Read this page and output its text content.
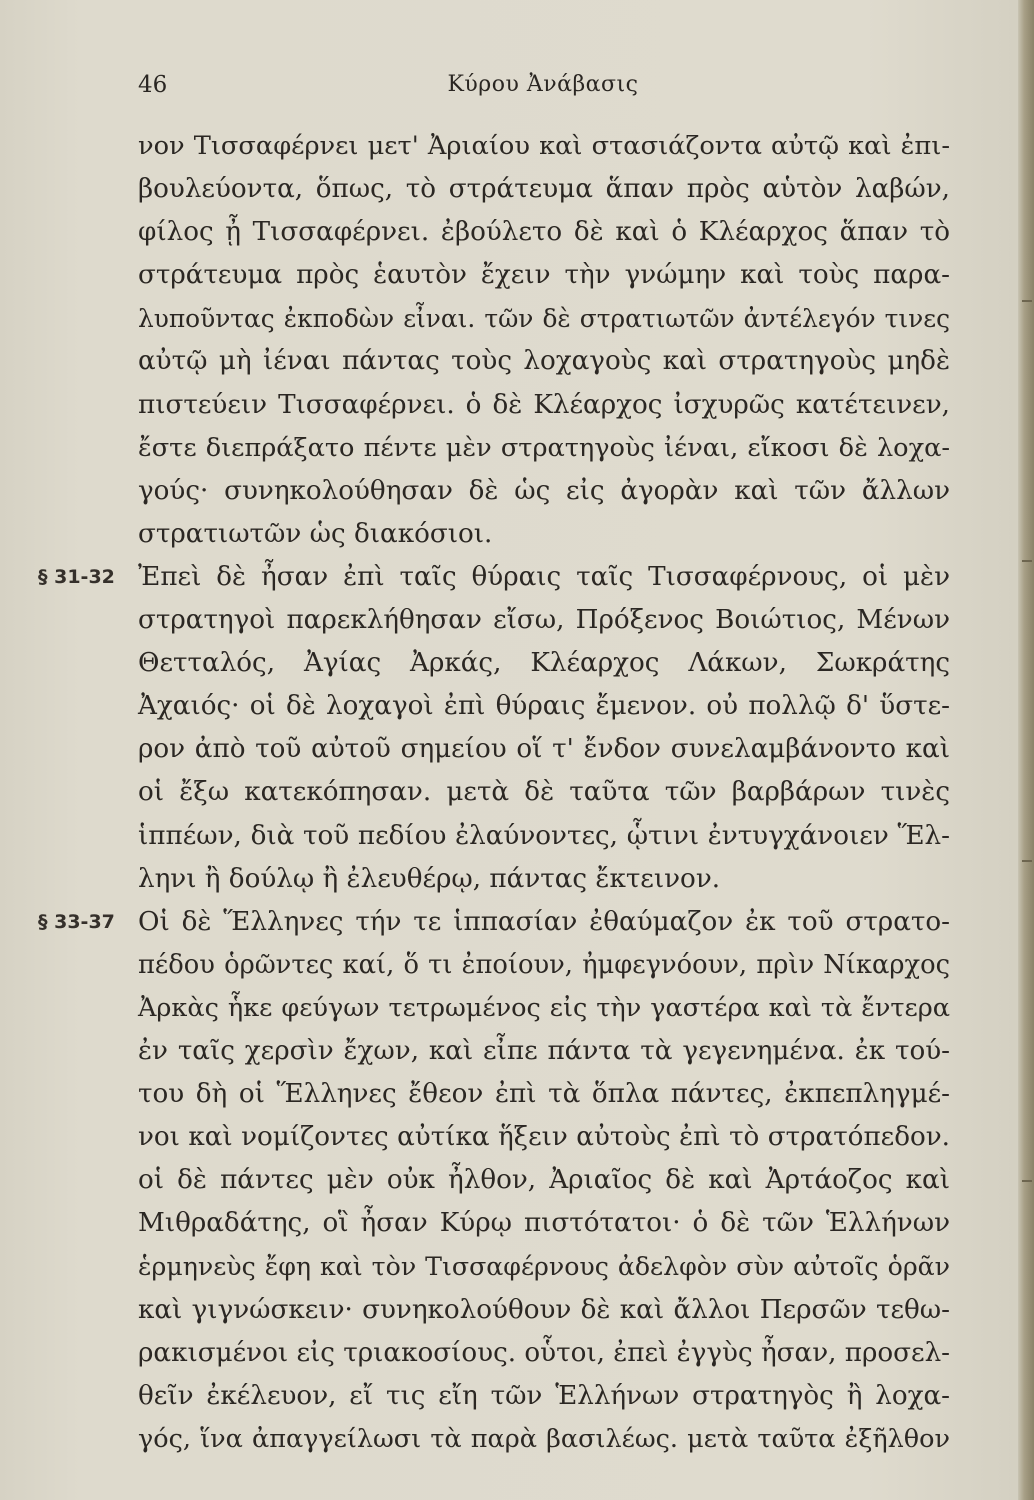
46	Κύρου Ἀνάβασις
νον Τισσαφέρνει μετ' Ἀριαίου καὶ στασιάζοντα αὐτῷ καὶ ἐπι-
βουλεύοντα, ὅπως, τὸ στράτευμα ἅπαν πρὸς αὑτὸν λαβών,
φίλος ᾖ Τισσαφέρνει. ἐβούλετο δὲ καὶ ὁ Κλέαρχος ἅπαν τὸ
στράτευμα πρὸς ἑαυτὸν ἔχειν τὴν γνώμην καὶ τοὺς παρα-
λυποῦντας ἐκποδὼν εἶναι. τῶν δὲ στρατιωτῶν ἀντέλεγόν τινες
αὐτῷ μὴ ἰέναι πάντας τοὺς λοχαγοὺς καὶ στρατηγοὺς μηδὲ
πιστεύειν Τισσαφέρνει. ὁ δὲ Κλέαρχος ἰσχυρῶς κατέτεινεν,
ἔστε διεπράξατο πέντε μὲν στρατηγοὺς ἰέναι, εἴκοσι δὲ λοχα-
γούς· συνηκολούθησαν δὲ ὡς εἰς ἀγορὰν καὶ τῶν ἄλλων
στρατιωτῶν ὡς διακόσιοι.
§ 31-32 Ἐπεὶ δὲ ἦσαν ἐπὶ ταῖς θύραις ταῖς Τισσαφέρνους, οἱ μὲν
στρατηγοὶ παρεκλήθησαν εἴσω, Πρόξενος Βοιώτιος, Μένων
Θετταλός, Ἀγίας Ἀρκάς, Κλέαρχος Λάκων, Σωκράτης
Ἀχαιός· οἱ δὲ λοχαγοὶ ἐπὶ θύραις ἔμενον. οὐ πολλῷ δ' ὕστε-
ρον ἀπὸ τοῦ αὐτοῦ σημείου οἵ τ' ἔνδον συνελαμβάνοντο καὶ
οἱ ἔξω κατεκόπησαν. μετὰ δὲ ταῦτα τῶν βαρβάρων τινὲς
ἱππέων, διὰ τοῦ πεδίου ἐλαύνοντες, ᾧτινι ἐντυγχάνοιεν Ἕλ-
ληνι ἢ δούλῳ ἢ ἐλευθέρῳ, πάντας ἔκτεινον.
§ 33-37 Οἱ δὲ Ἕλληνες τήν τε ἱππασίαν ἐθαύμαζον ἐκ τοῦ στρατο-
πέδου ὁρῶντες καί, ὅ τι ἐποίουν, ἠμφεγνόουν, πρὶν Νίκαρχος
Ἀρκὰς ἧκε φεύγων τετρωμένος εἰς τὴν γαστέρα καὶ τὰ ἔντερα
ἐν ταῖς χερσὶν ἔχων, καὶ εἶπε πάντα τὰ γεγενημένα. ἐκ τού-
του δὴ οἱ Ἕλληνες ἔθεον ἐπὶ τὰ ὅπλα πάντες, ἐκπεπληγμέ-
νοι καὶ νομίζοντες αὐτίκα ἥξειν αὐτοὺς ἐπὶ τὸ στρατόπεδον.
οἱ δὲ πάντες μὲν οὐκ ἦλθον, Ἀριαῖος δὲ καὶ Ἀρτάοζος καὶ
Μιθραδάτης, οἳ ἦσαν Κύρῳ πιστότατοι· ὁ δὲ τῶν Ἑλλήνων
ἑρμηνεὺς ἔφη καὶ τὸν Τισσαφέρνους ἀδελφὸν σὺν αὐτοῖς ὁρᾶν
καὶ γιγνώσκειν· συνηκολούθουν δὲ καὶ ἄλλοι Περσῶν τεθω-
ρακισμένοι εἰς τριακοσίους. οὗτοι, ἐπεὶ ἐγγὺς ἦσαν, προσελ-
θεῖν ἐκέλευον, εἴ τις εἴη τῶν Ἑλλήνων στρατηγὸς ἢ λοχα-
γός, ἵνα ἀπαγγείλωσι τὰ παρὰ βασιλέως. μετὰ ταῦτα ἐξῆλθον
